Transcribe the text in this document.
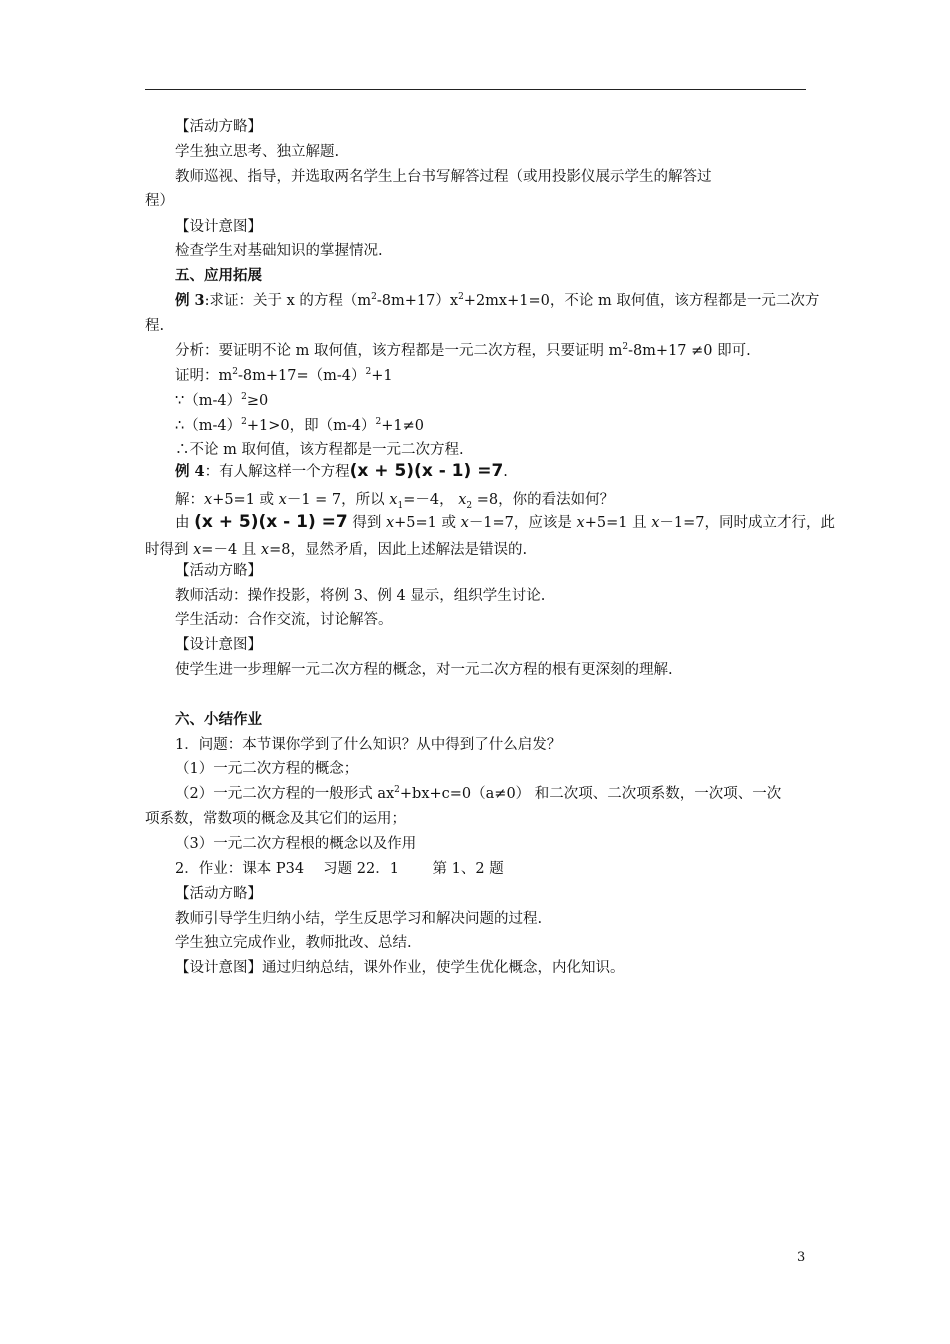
【活动方略】
学生独立思考、独立解题.
教师巡视、指导，并选取两名学生上台书写解答过程（或用投影仪展示学生的解答过
程）
【设计意图】
检查学生对基础知识的掌握情况.
五、应用拓展
例 3:求证：关于 x 的方程$(m^2-8m+17)x^2+2mx+1=0$，不论 m 取何值，该方程都是一元二次方
程.
分析：要证明不论 m 取何值，该方程都是一元二次方程，只要证明 $m^2-8m+17 \ne 0$ 即可.
证明：$m^2-8m+17=(m-4)^2+1$
$\because(m-4)^2\ge 0$
$\therefore(m-4)^2+1>0$，即$(m-4)^2+1\ne 0$
∴不论 m 取何值，该方程都是一元二次方程.
例 4：有人解这样一个方程(x + 5)(x - 1) =7.
解：x+5=1 或 x－1 = 7，所以 $x_1=-4$， $x_2 =8$，你的看法如何？
由 (x + 5)(x - 1) =7 得到 x+5=1 或 x－1=7，应该是 x+5=1 且 x－1=7，同时成立才行，此
时得到 x=－4 且 x=8，显然矛盾，因此上述解法是错误的.
【活动方略】
教师活动：操作投影，将例 3、例 4 显示，组织学生讨论.
学生活动：合作交流，讨论解答。
【设计意图】
使学生进一步理解一元二次方程的概念，对一元二次方程的根有更深刻的理解.
六、小结作业
1．问题：本节课你学到了什么知识？从中得到了什么启发？
（1）一元二次方程的概念；
（2）一元二次方程的一般形式 $ax^2+bx+c=0(a\ne 0)$ 和二次项、二次项系数，一次项、一次
项系数，常数项的概念及其它们的运用；
（3）一元二次方程根的概念以及作用
2．作业：课本 P34　 习题 22．1　　 第 1、2 题
【活动方略】
教师引导学生归纳小结，学生反思学习和解决问题的过程.
学生独立完成作业，教师批改、总结.
【设计意图】通过归纳总结，课外作业，使学生优化概念，内化知识。
3
